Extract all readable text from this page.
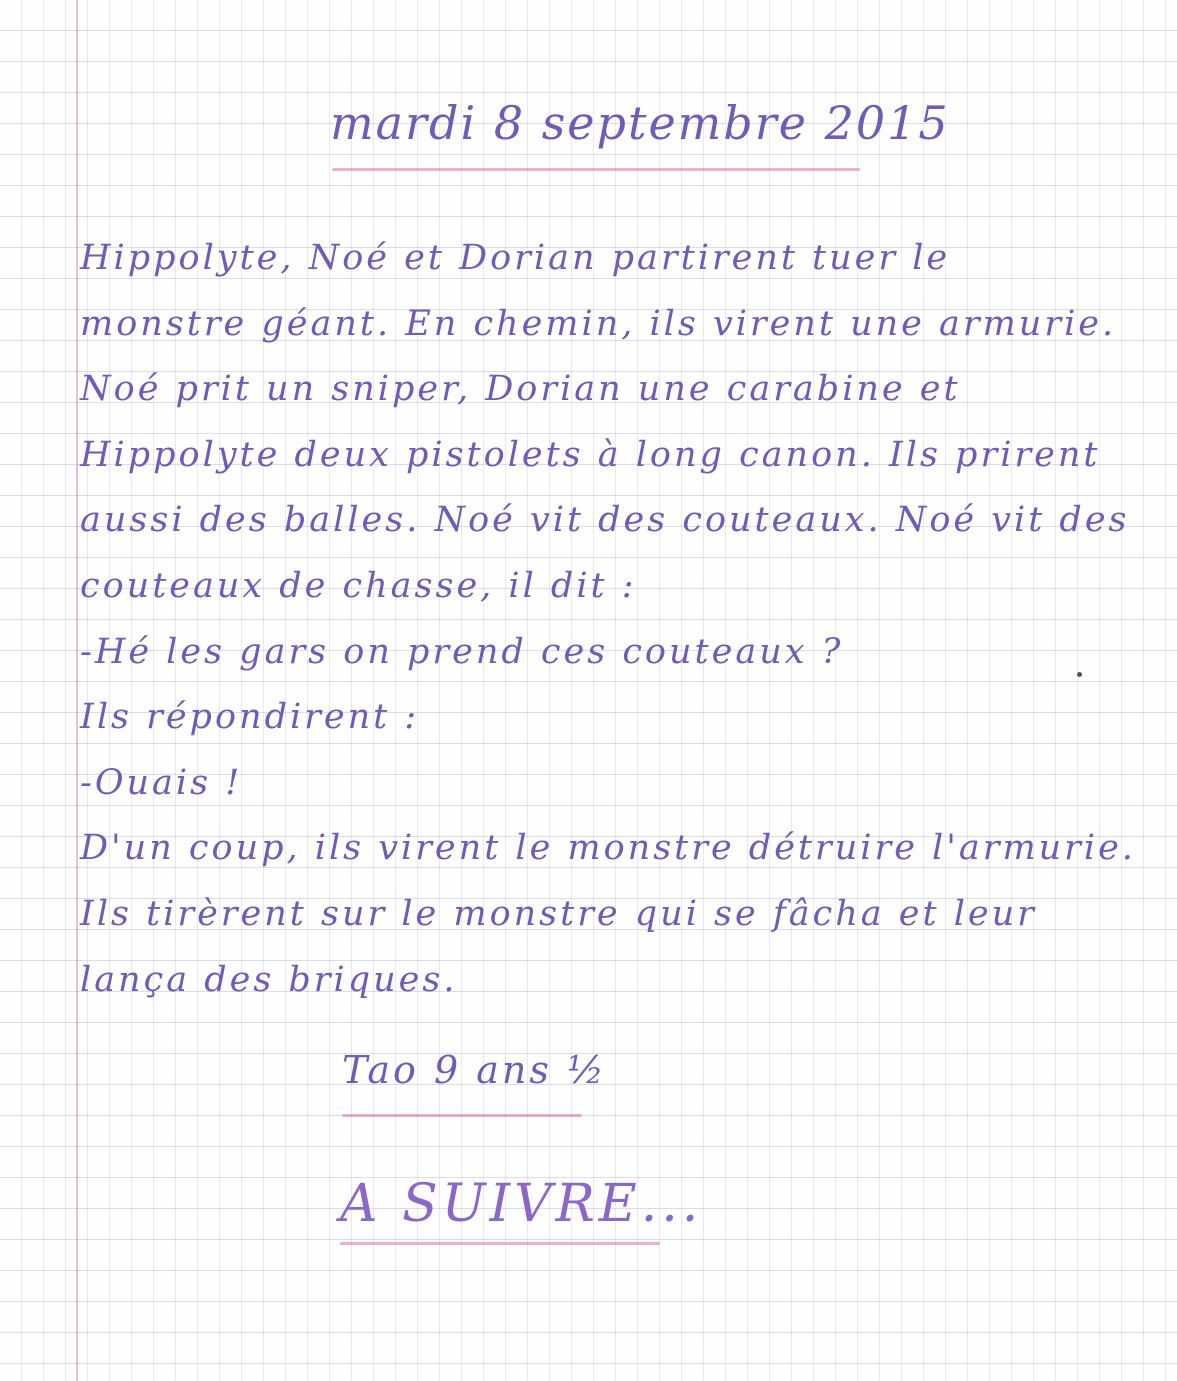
mardi 8 septembre 2015

Hippolyte, Noé et Dorian partirent tuer le
monstre géant. En chemin, ils virent une armurie.
Noé prit un sniper, Dorian une carabine et
Hippolyte deux pistolets à long canon. Ils prirent
aussi des balles. Noé vit des couteaux. Noé vit des
couteaux de chasse, il dit :
-Hé les gars on prend ces couteaux ?
Ils répondirent :
-Ouais !
D'un coup, ils virent le monstre détruire l'armurie.
Ils tirèrent sur le monstre qui se fâcha et leur
lança des briques.

Tao 9 ans ½

A SUIVRE...
